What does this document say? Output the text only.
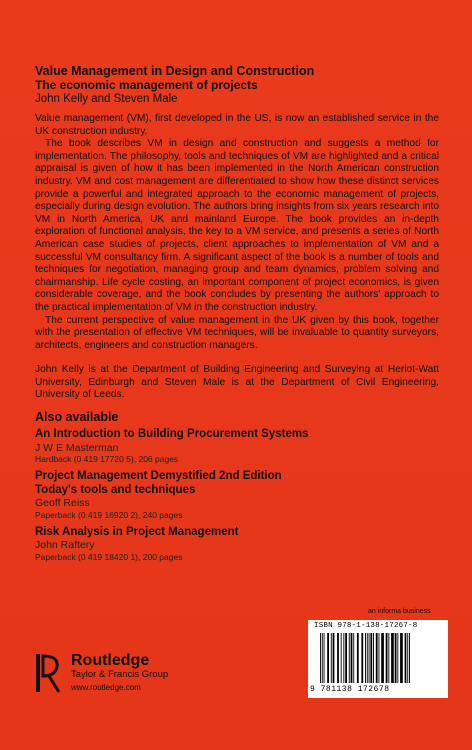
Value Management in Design and Construction
The economic management of projects
John Kelly and Steven Male

Value management (VM), first developed in the US, is now an established service in the UK construction industry.

The book describes VM in design and construction and suggests a method for implementation. The philosophy, tools and techniques of VM are highlighted and a critical appraisal is given of how it has been implemented in the North American construction industry. VM and cost management are differentiated to show how these distinct services provide a powerful and integrated approach to the economic management of projects, especially during design evolution. The authors bring insights from six years research into VM in North America, UK and mainland Europe. The book provides an in-depth exploration of functional analysis, the key to a VM service, and presents a series of North American case studies of projects, client approaches to implementation of VM and a successful VM consultancy firm. A significant aspect of the book is a number of tools and techniques for negotiation, managing group and team dynamics, problem solving and chairmanship. Life cycle costing, an important component of project economics, is given considerable coverage, and the book concludes by presenting the authors' approach to the practical implementation of VM in the construction industry.

The current perspective of value management in the UK given by this book, together with the presentation of effective VM techniques, will be invaluable to quantity surveyors, architects, engineers and construction managers.

John Kelly is at the Department of Building Engineering and Surveying at Heriot-Watt University, Edinburgh and Steven Male is at the Department of Civil Engineering, University of Leeds.

Also available
An Introduction to Building Procurement Systems
J W E Masterman
Hardback (0 419 17720 5), 206 pages
Project Management Demystified 2nd Edition
Today's tools and techniques
Geoff Reiss
Paperback (0 419 16920 2), 240 pages
Risk Analysis in Project Management
John Raftery
Paperback (0 419 18420 1), 200 pages
an informa business
ISBN 978-1-138-17267-8
9 781138 172678
Routledge
Taylor & Francis Group
www.routledge.com
